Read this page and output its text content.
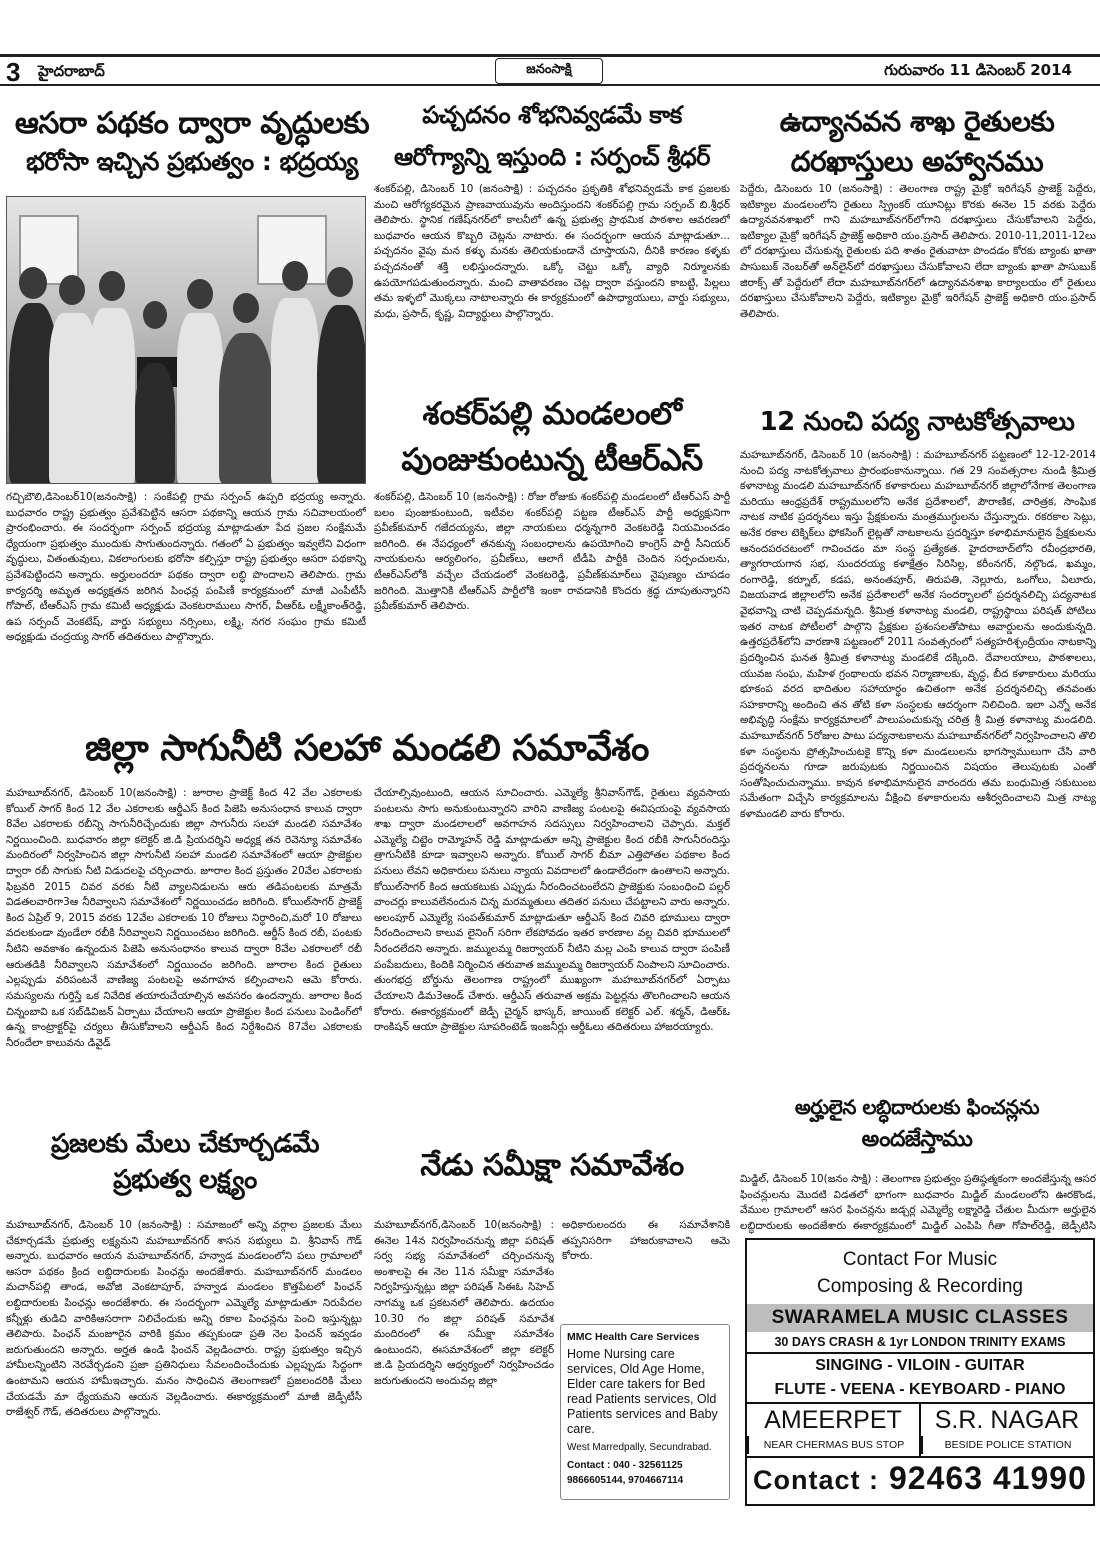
3 హైదరాబాద్	జనంసాక్షి	గురువారం 11 డిసెంబర్ 2014
ఆసరా పథకం ద్వారా వృద్ధులకు
భరోసా ఇచ్చిన ప్రభుత్వం : భద్రయ్య
గచ్చిబౌలి,డిసెంబర్10(జనంసాక్షి) : సంకేపల్లి గ్రామ సర్పంచ్ ఉప్పరి భద్రయ్య అన్నారు. బుధవారం రాష్ట్ర ప్రభుత్వం ప్రవేశపెట్టిన ఆసరా పథకాన్ని ఆయన గ్రామ సచివాలయంలో ప్రారంభించారు. ఈ సందర్భంగా సర్పంచ్ భద్రయ్య మాట్లాడుతూ పేద ప్రజల సంక్షేమమే ధ్యేయంగా ప్రభుత్వం ముందుకు సాగుతుందన్నారు. గతంలో ఏ ప్రభుత్వం ఇవ్వలేని విధంగా వృద్ధులు, వితంతువులు, వికలాంగులకు భరోసా కల్పిస్తూ రాష్ట్ర ప్రభుత్వం ఆసరా పథకాన్ని ప్రవేశపెట్టిందని అన్నారు. అర్హులందరూ పథకం ద్వారా లబ్ధి పొందాలని తెలిపారు. గ్రామ కార్యదర్శి అమృత అధ్యక్షతన జరిగిన పింఛన్ల పంపిణీ కార్యక్రమంలో మాజీ ఎంపీటీసీ గోపాల్, టీఆర్ఎస్ గ్రామ కమిటీ అధ్యక్షుడు వెంకటరాములు సాగర్, వీఆర్ఓ లక్ష్మీకాంత్‌రెడ్డి, ఉప సర్పంచ్ వెంకటేష్, వార్డు సభ్యులు నర్సింలు, లక్ష్మి, నగర సంఘం గ్రామ కమిటీ అధ్యక్షుడు చంద్రయ్య సాగర్ తదితరులు పాల్గొన్నారు.
పచ్చదనం శోభనివ్వడమే కాక
ఆరోగ్యాన్ని ఇస్తుంది : సర్పంచ్ శ్రీధర్
శంకర్‌పల్లి, డిసెంబర్ 10 (జనంసాక్షి) : పచ్చదనం ప్రకృతికి శోభనివ్వడమే కాక ప్రజలకు మంచి ఆరోగ్యకరమైన ప్రాణవాయువును అందిస్తుందని శంకర్‌పల్లి గ్రామ సర్పంచ్ బి.శ్రీధర్ తెలిపారు. స్థానిక గణేష్‌నగర్‌లో కాలనీలో ఉన్న ప్రభుత్వ ప్రాథమిక పాఠశాల ఆవరణలో బుధవారం ఆయన కొబ్బరి చెట్లను నాటారు. ఈ సందర్భంగా ఆయన మాట్లాడుతూ... పచ్చదనం వైపు మన కళ్ళు మనకు తెలియకుండానే చూస్తాయని, దీనికి కారణం కళ్ళకు పచ్చదనంతో శక్తి లభిస్తుందన్నారు. ఒక్కో చెట్టు ఒక్కో వ్యాధి నిర్మూలనకు ఉపయోగపడుతుందన్నారు. మంచి వాతావరణం చెట్ల ద్వారా వస్తుందని కాబట్టి, పిల్లలు తమ ఇళ్ళలో మొక్కలు నాటాలన్నారు ఈ కార్యక్రమంలో ఉపాధ్యాయులు, వార్డు సభ్యులు, మధు, ప్రసాద్, కృష్ణ, విద్యార్థులు పాల్గొన్నారు.
ఉద్యానవన శాఖ రైతులకు
దరఖాస్తులు అహ్వానము
పెద్దేరు, డిసెంబరు 10 (జనంసాక్షి) : తెలంగాణ రాష్ట్ర మైక్రో ఇరిగేషన్ ప్రాజెక్ట్ పెద్దేరు, ఇటిక్యాల మండలంలోని రైతులు స్ప్రింకర్ యూనిట్లు కొరకు ఈనెల 15 వరకు పెద్దేరు ఉద్యానవనశాఖలో గాని మహబూబ్‌నగర్‌లోగాని దరఖాస్తులు చేసుకోవాలని పెద్దేరు, ఇటిక్యాల మైక్రో ఇరిగేషన్ ప్రాజెక్ట్ అధికారి యం.ప్రసాద్ తెలిపారు. 2010-11,2011-12లు లో దరఖాస్తులు చేసుకున్న రైతులకు పది శాతం రైతువాటా పొందడం కోరకు బ్యాంకు ఖాతా పాసుబుక్ నెంబర్‌తో అన్‌లైన్‌లో దరఖాస్తులు చేసుకోవాలని లేదా బ్యాంకు ఖాతా పాసుబుక్ జిరాక్స్ తో పెద్దేరులో లేదా మహబూబ్‌నగర్‌లో ఉద్యానవనశాఖ కార్యాలయం లో రైతులు దరఖాస్తులు చేసుకోవాలని పెద్దేరు, ఇటిక్యాల మైక్రో ఇరిగేషన్ ప్రాజెక్ట్ అధికారి యం.ప్రసాద్ తెలిపారు.
శంకర్‌పల్లి మండలంలో
పుంజుకుంటున్న టీఆర్ఎస్
శంకర్‌పల్లి, డిసెంబర్ 10 (జనంసాక్షి) : రోజు రోజుకు శంకర్‌పల్లి మండలంలో టీఆర్ఎస్ పార్టీ బలం పుంజుకుంటుంది, ఇటీవల శంకర్‌పల్లి పట్టణ టీఆర్ఎస్ పార్టీ అధ్యక్షునిగా ప్రవీణ్‌కుమార్ గజేదయ్యను, జిల్లా నాయకులు ధర్మన్నగారి వెంకటరెడ్డి నియమించడం జరిగింది. ఈ నేపధ్యంలో తనకున్న సంబంధాలను ఉపయోగించి కాంగ్రెస్ పార్టీ సీనియర్ నాయకులను ఆర్యలింగం, ప్రవీణ్‌లు, ఆలాగే టీడీపి పార్టీకి చెందిన సర్పంచులను, టీఆర్ఎస్‌లోకి వచ్చేల చేయడంలో వెంకటరెడ్డి, ప్రవీణ్‌కుమార్‌లు నైపుణ్యం చూపడం జరిగింది. మొత్తానికి టీఆర్ఎస్ పార్టీలోకి ఇంకా రావడానికి కొందరు శ్రద్ధ చూపుతున్నారని ప్రవీణ్‌కుమార్ తెలిపారు.
12 నుంచి పద్య నాటకోత్సవాలు
మహబూబ్‌నగర్, డిసెంబర్ 10 (జనంసాక్షి) : మహబూబ్‌నగర్ పట్టణంలో 12-12-2014 నుంచి పద్య నాటకోత్సవాలు ప్రారంభంకానున్నాయి. గత 29 సంవత్సరాల నుండి శ్రీమిత్ర కళానాట్య మండలి మహబూబ్‌నగర్ కళాకారులు మహబూబ్‌నగర్ జిల్లాలోనేగాక తెలంగాణ మరియు ఆంధ్రప్రదేశ్ రాష్ట్రములలోని అనేక ప్రదేశాలలో, పౌరాణిక, చారిత్రక, సాంఘిక నాటక నాటిక ప్రదర్శనలు ఇస్తు ప్రేక్షకులను మంత్రముగ్ధులను చేస్తున్నారు. రకరకాల సెట్లు, అనేక రకాల టెక్నిక్‌లు ఫోకసింగ్ లైట్లతో నాటకాలను ప్రదర్శిస్తూ కళాభిమానులైన ప్రేక్షకులను ఆనందపరచటంలో గావించడం మా సంస్థ ప్రత్యేకత. హైదరాబాద్‌లోని రవీంద్రభారతి, త్యాగరాయగాన సభ, సుందరయ్య కళాక్షేత్రం సిరిసిల్ల, కరీంనగర్, నల్గొండ, ఖమ్మం, రంగారెడ్డి, కర్నూల్, కడప, అనంతపూర్, తిరుపతి, నెల్లూరు, ఒంగోలు, ఏలూరు, విజయవాడ జిల్లాలలోని అనేక ప్రదేశాలలో అనేక సందర్భాలలో ప్రదర్శనలిచ్చి పద్యనాటక వైభవాన్ని చాటి చెప్పడమన్నది. శ్రీమిత్ర కళానాట్య మండలి, రాష్ట్రస్థాయి పరిషత్ పోటిలు ఇతర నాటక పోటీలలో పాల్గొని ప్రేక్షకుల ప్రశంసలతోపాటు అవార్డులను అందుకున్నది. ఉత్తరప్రదేశ్‌లోని వారణాశి పట్టణంలో 2011 సంవత్సరంలో సత్యహరిశ్చంద్రీయం నాటకాన్ని ప్రదర్శించిన ఘనత శ్రీమిత్ర కళానాట్య మండలికే దక్కింది. దేవాలయాలు, పాఠశాలలు, యువజ సంఘ, మహిళ గ్రంథాలయ భవన నిర్మాణాలకు, వృద్ధ, బీద కళాకారులు మరియు భూకంప వరద భాదితుల సహాయార్థం ఉచితంగా అనేక ప్రదర్శనలిచ్చి తనవంతు సహకారాన్ని అందించి తన తోటి కళా సంస్థలకు ఆదర్శంగా నిలిచింది. ఇలా ఎన్నో అనేక అభివృద్ధి సంక్షేమ కార్యక్రమాలలో పాలుపంచుకున్న చరిత్ర శ్రీ మిత్ర కళానాట్య మండలిది. మహబూబ్‌నగర్ 5రోజుల పాటు పద్యనాటకాలను మహబూబ్‌నగర్‌లో నిర్వహించాలని తొలి కళా సంస్థలను ప్రోత్సహించుటకై కొన్ని కళా మండలులను భాగస్వాములుగా చేసి వారి ప్రదర్శనలను గూడా జరుపుటకు నిర్ణయించిన విషయం తెలుపుటకు ఎంతో సంతోషించుచున్నాము. కావున కళాభిమానులైన వారందరు తమ బంధుమిత్ర సకుటుంబ సమేతంగా విచ్చేసి కార్యక్రమాలను వీక్షించి కళాకారులను ఆశీర్వదించాలని మిత్ర నాట్య కళామండలి వారు కోరారు.
జిల్లా సాగునీటి సలహా మండలి సమావేశం
మహబూబ్‌నగర్, డిసెంబర్ 10(జనంసాక్షి) : జూరాల ప్రాజెక్ట్ కింద 42 వేల ఎకరాలకు కోయిల్ సాగర్ కింద 12 వేల ఎకరాలకు ఆర్డీఎస్ కింద పిజెపి అనుసంధాన కాలువ ద్వారా 8వేల ఎకరాలకు రబీన్ని సాగునీరిచ్చేందుకు జిల్లా సాగునీరు సలహా మండలి సమావేశం నిర్ణయించింది. బుధవారం జిల్లా కలెక్టర్ జి.డి ప్రియదర్శిని అధ్యక్ష తన రెవెన్యూ సమావేశం మందిరంలో నిర్వహించిన జిల్లా సాగునీటి సలహా మండలి సమావేశంలో ఆయా ప్రాజెక్టుల ద్వారా రబీ సాగుకు నీటి విడుదలపై చర్చించారు. జూరాల కింద ప్రస్తుతం 20వేల ఎకరాలకు ఫిబ్రవరి 2015 చివర వరకు నీటి వ్యాలనిడులను ఆరు తడిపంటలకు మాత్రమే విడతలవారిగా3ఆ నీరివ్వాలని సమావేశంలో నిర్ణయించడం జరిగింది. కోయిల్‌సాగర్ ప్రాజెక్ట్ కింద ఏప్రిల్ 9, 2015 వరకు 12వేల ఎకరాలకు 10 రోజులు నిర్ధారించి,మరో 10 రోజులు వదలకుండా వుండేలా రబీకి నీరివ్వాలని నిర్ణయించటం జరిగింది. ఆర్డీస్ కింద రబీ, పంటకు నీటిని అవకాశం ఉన్నందున పిజెపి అనుసంధానం కాలువ ద్వారా 8వేల ఎకరాలలో రబీ ఆరుతడికి నీరివ్వాలని సమావేశంలో నిర్ణయించం జరిగింది. జూరాల కింద రైతులు ఎల్లప్పుడు వరిపంటనే వాణిజ్య పంటలపై అవగాహన కల్పించాలని ఆమె కోరారు. సమస్యలను గుర్తిస్తే ఒక నివేదిక తయారుచేయాల్సిన అవసరం ఉందన్నారు. జూరాల కింద చిన్నంబావి ఒక సబ్‌డివిజన్ ఏర్పాటు చేయాలని ఆయా ప్రాజెక్టుల కింద పనులు పెండింగ్‌లో ఉన్న కాంట్రాక్టర్‌పై చర్యలు తీసుకోవాలని ఆర్డీఎస్ కింద నిర్దేశించిన 87వేల ఎకరాలకు నీరందేలా కాలువను డివైడ్
చేయాల్సివుంటుంది, ఆయన సూచించారు. ఎమ్మెల్యే శ్రీనివాస్‌గౌడ్, రైతులు వ్యవసాయ పంటలను సాగు అనుకుంటున్నారని వారిని వాణిజ్య పంటలపై ఈవిషయంపై వ్యవసాయ శాఖ ద్వారా మండలాలలో అవగాహన సదస్సులు నిర్వహించాలని చెప్పారు. మక్తల్ ఎమ్మెల్యే చిట్టెం రామ్మోహన్ రెడ్డి మాట్లాడుతూ అన్ని ప్రాజెక్టుల కింద రబీకి సాగునీరందిస్తు త్రాగునీటికి కూడా ఇవ్వాలని అన్నారు. కోయిల్ సాగర్ బీమా ఎత్తిపోతల పథకాల కింద పనులు లేవని అధికారులు పనులు న్యాయ వివదాలలో ఉండాలేదంగా ఉంతాలని అన్నారు. కోయిల్‌సాగర్ కింద ఆయకటుకు ఎప్పుడు నీరందించటంలేదని ప్రాజెక్టుకు సంబంధించి పల్లర్ వాంచర్లు కాలువలేనందున చిన్న మరమ్మతులు తదితర పనులు చేపట్టాలని వారు అన్నారు. అలంపూర్ ఎమ్మెల్యే సంపత్‌కుమార్ మాట్లాడుతూ ఆర్డీఎస్ కింద చివరి భూములు ద్వారా నీరందించాలని కాలువ లైనింగ్ సరిగా లేకపోవడం ఇతర కారణాల వల్ల చివరి భూములలో నీరందలేదని అన్నారు. జమ్ములమ్మ రిజర్వాయర్ నీటిని మల్ల ఎంపి కాలువ ద్వారా పంపిణీ పంపేబదులు, కిందికి నిర్మించిన తరువాత జమ్ములమ్మ రిజర్వాయర్ నింపాలని సూచించారు. తుంగభద్ర బోర్డును తెలంగాణ రాష్ట్రంలో ముఖ్యంగా మహబూబ్‌నగర్‌లో ఏర్పాటు చేయాలని డిమ3ఆండ్ చేశారు. ఆర్డీఎస్ తరువాత అక్రమ పెట్టర్లను తొలగించాలని ఆయన కోరారు. ఈకార్యక్రమంలో జెడ్పీ చైర్మన్ భాస్కర్, జాయింట్ కలెక్టర్ ఎల్. శర్మన్, డిఆర్ఓ రాంకిషన్ ఆయా ప్రాజెక్టుల సూపరింటెడ్ ఇంజనీర్లు ఆర్డీఓలు తదితరులు హాజరయ్యారు.
అర్హులైన లబ్ధిదారులకు ఫించన్లను
అందజేస్తాము
మిడ్జిల్, డిసెంబర్ 10(జనం సాక్షి) : తెలంగాణ ప్రభుత్వం ప్రతిష్ఠత్మకంగా అందజేస్తున్న ఆసర ఫించన్లులను మొదటి విడతలో భాగంగా బుధవారం మిడ్జిల్ మండలంలోని ఊరకొండ, వేముల గ్రామాలలో ఆసర ఫించన్లను జడ్చర్ల ఎమ్మెల్యే లక్ష్మారెడ్డి చేతుల మీదుగా అర్హులైన లబ్ధిదారులకు అందజేశారు ఈకార్యక్రమంలో మిడ్జిల్ ఎంపిపి గీతా గోపాల్‌రెడ్డి, జెడ్పీటిసి
ప్రజలకు మేలు చేకూర్చడమే
ప్రభుత్వ లక్ష్యం
మహబూబ్‌నగర్, డిసెంబర్ 10 (జనంసాక్షి) : సమాజంలో అన్ని వర్గాల ప్రజలకు మేలు చేకూర్చడమే ప్రభుత్వ లక్ష్యమని మహబూబ్‌నగర్ శాసన సభ్యులు వి. శ్రీనివాస్ గౌడ్ అన్నారు. బుధవారం ఆయన మహబూబ్‌నగర్, హన్వాడ మండలంలోని పలు గ్రామాలలో ఆసరా పథకం క్రింద లబ్దిదారులకు పింఛన్లు అందజేశారు. మహబూబ్‌నగర్ మండలం మచాన్‌పల్లి తాండ, అవోజి వెంకటాపూర్, హన్వాడ మండలం కొత్తపేటలో పింఛన్ లబ్దిదారులకు పింఛన్లు అందజేశారు. ఈ సందర్భంగా ఎమ్మెల్యే మాట్లాడుతూ నిరుపేదల కన్నీళ్లు తుడిచి వారికిఆసరాగా నిలిచేందుకు అన్ని రకాల పింఛన్లను పెంచి ఇస్తున్నట్లు తెలిపారు. పింఛన్ మంజూరైన వారికి క్రమం తప్పకుండా ప్రతి నెల ఫించన్ ఇవ్వడం జరుగుతుందని అన్నారు. అర్హత ఉండి ఫించన్ వెల్లడించారు. రాష్ట్ర ప్రభుత్వం ఇచ్చిన హామీలన్నింటిని నెరవేర్చడంని ప్రజా ప్రతినిధులు సేవలందించేందుకు ఎల్లప్పుడు సిద్ధంగా ఉంటామని ఆయన హామీఇచ్చారు. మనం సాధించిన తెలంగాణలో ప్రజలందరికి మేలు చేయడమే మా ధ్యేయమని ఆయన వెల్లడించారు. ఈకార్యక్రమంలో మాజీ జెడ్పీటీసీ రాజేశ్వర్ గౌడ్, తదితరులు పాల్గొన్నారు.
నేడు సమీక్షా సమావేశం
మహబూబ్‌నగర్,డిసెంబర్ 10(జనంసాక్షి) : ఈనెల 14న నిర్వహించనున్న జిల్లా పరిషత్ సర్వ సభ్య సమావేశంలో చర్చించనున్న అంశాలపై ఈ నెల 11న సమీక్షా సమావేశం నిర్వహిస్తున్నట్లు జిల్లా పరిషత్ సిఈఓ సిహెచ్ నాగమ్మ ఒక ప్రకటనలో తెలిపారు. ఉదయం 10.30 గం జిల్లా పరిషత్ సమావేశ మందిరంలో ఈ సమీక్షా సమావేశం ఉంటుందని, ఈసమావేశంలో జిల్లా కలెక్టర్ జి.డి ప్రియదర్శిని ఆధ్వర్యంలో నిర్వహించడం జరుగుతుందని అందువల్ల జిల్లా
అధికారులందరు ఈ సమావేశానికి తప్పనిసరిగా హాజరుకావాలని ఆమె కోరారు.
MMC Health Care Services
Home Nursing care services, Old Age Home, Elder care takers for Bed read Patients services, Old Patients services and Baby care.
West Marredpally, Secundrabad.
Contact : 040 - 32561125
9866605144, 9704667114
Contact For Music
Composing & Recording
SWARAMELA MUSIC CLASSES
30 DAYS CRASH & 1yr LONDON TRINITY EXAMS
SINGING - VILOIN - GUITAR
FLUTE - VEENA - KEYBOARD - PIANO
AMEERPET
NEAR CHERMAS BUS STOP
S.R. NAGAR
BESIDE POLICE STATION
Contact : 92463 41990
